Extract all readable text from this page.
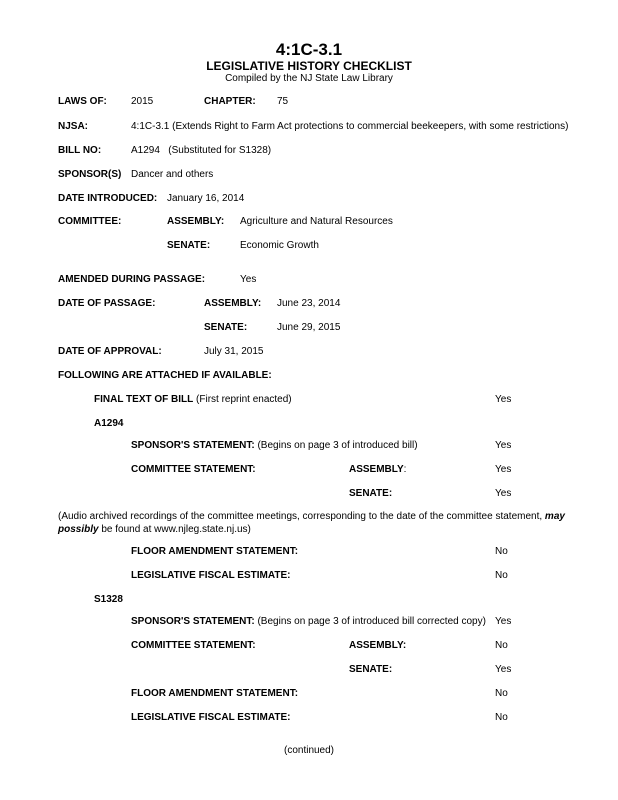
4:1C-3.1
LEGISLATIVE HISTORY CHECKLIST
Compiled by the NJ State Law Library
LAWS OF: 2015	CHAPTER: 75
NJSA:	4:1C-3.1 (Extends Right to Farm Act protections to commercial beekeepers, with some restrictions)
BILL NO:	A1294 (Substituted for S1328)
SPONSOR(S) Dancer and others
DATE INTRODUCED: January 16, 2014
COMMITTEE:	ASSEMBLY: Agriculture and Natural Resources
SENATE:	Economic Growth
AMENDED DURING PASSAGE:	Yes
DATE OF PASSAGE:	ASSEMBLY: June 23, 2014
SENATE:	June 29, 2015
DATE OF APPROVAL:	July 31, 2015
FOLLOWING ARE ATTACHED IF AVAILABLE:
FINAL TEXT OF BILL (First reprint enacted)	Yes
A1294
SPONSOR'S STATEMENT: (Begins on page 3 of introduced bill)	Yes
COMMITTEE STATEMENT:	ASSEMBLY:	Yes
SENATE:	Yes
(Audio archived recordings of the committee meetings, corresponding to the date of the committee statement, may possibly be found at www.njleg.state.nj.us)
FLOOR AMENDMENT STATEMENT:	No
LEGISLATIVE FISCAL ESTIMATE:	No
S1328
SPONSOR'S STATEMENT: (Begins on page 3 of introduced bill corrected copy) Yes
COMMITTEE STATEMENT:	ASSEMBLY:	No
SENATE:	Yes
FLOOR AMENDMENT STATEMENT:	No
LEGISLATIVE FISCAL ESTIMATE:	No
(continued)
